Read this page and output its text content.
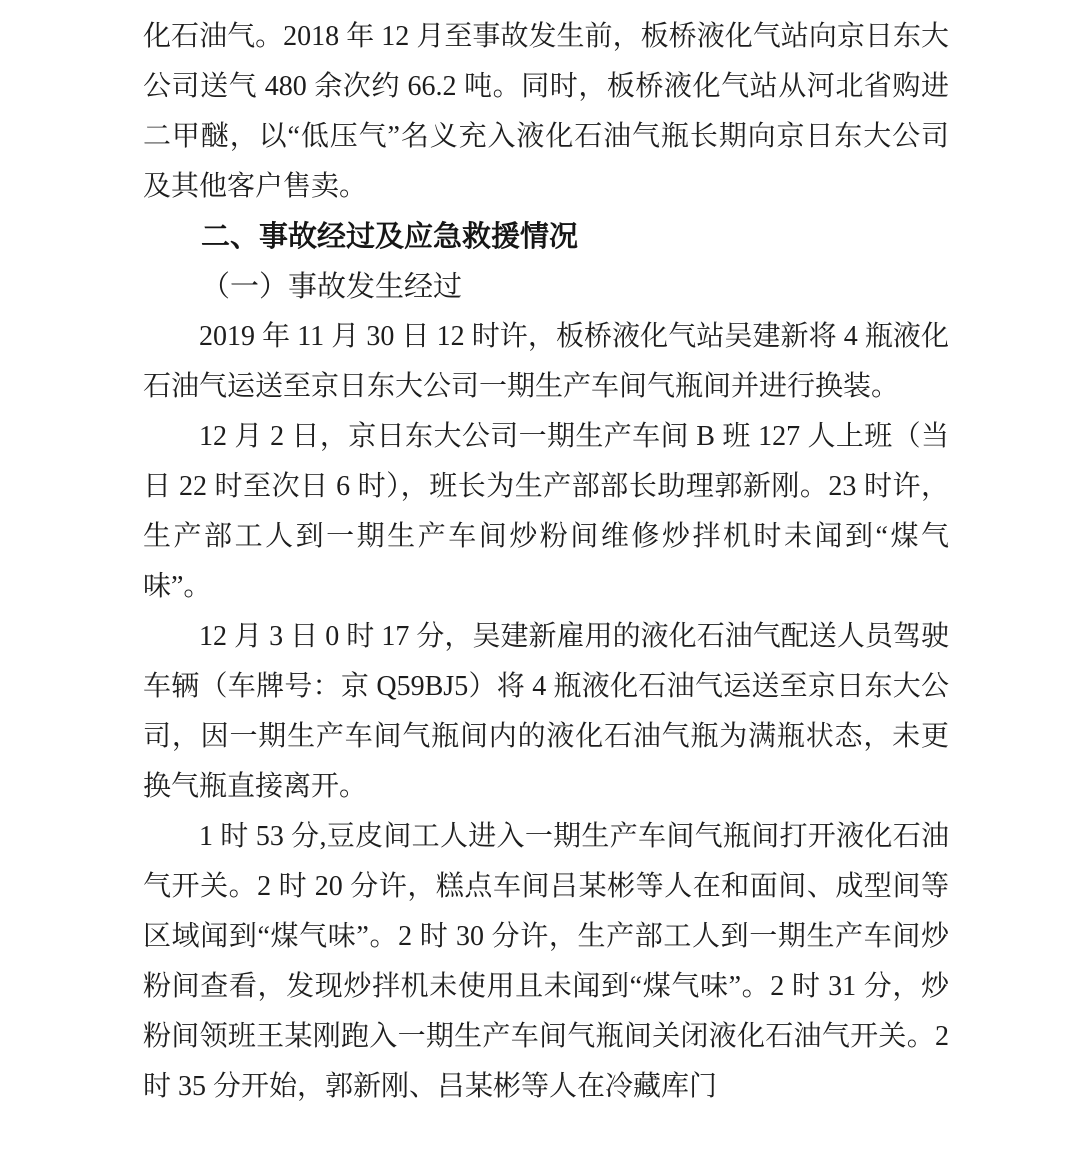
化石油气。2018 年 12 月至事故发生前，板桥液化气站向京日东大公司送气 480 余次约 66.2 吨。同时，板桥液化气站从河北省购进二甲醚，以“低压气”名义充入液化石油气瓶长期向京日东大公司及其他客户售卖。

二、事故经过及应急救援情况
（一）事故发生经过

2019 年 11 月 30 日 12 时许，板桥液化气站吴建新将 4 瓶液化石油气运送至京日东大公司一期生产车间气瓶间并进行换装。

12 月 2 日，京日东大公司一期生产车间 B 班 127 人上班（当日 22 时至次日 6 时），班长为生产部部长助理郭新刚。23 时许，生产部工人到一期生产车间炒粉间维修炒拌机时未闻到“煤气味”。

12 月 3 日 0 时 17 分，吴建新雇用的液化石油气配送人员驾驶车辆（车牌号：京 Q59BJ5）将 4 瓶液化石油气运送至京日东大公司，因一期生产车间气瓶间内的液化石油气瓶为满瓶状态，未更换气瓶直接离开。

1 时 53 分,豆皮间工人进入一期生产车间气瓶间打开液化石油气开关。2 时 20 分许，糕点车间吕某彬等人在和面间、成型间等区域闻到“煤气味”。2 时 30 分许，生产部工人到一期生产车间炒粉间查看，发现炒拌机未使用且未闻到“煤气味”。2 时 31 分，炒粉间领班王某刚跑入一期生产车间气瓶间关闭液化石油气开关。2 时 35 分开始，郭新刚、吕某彬等人在冷藏库门
